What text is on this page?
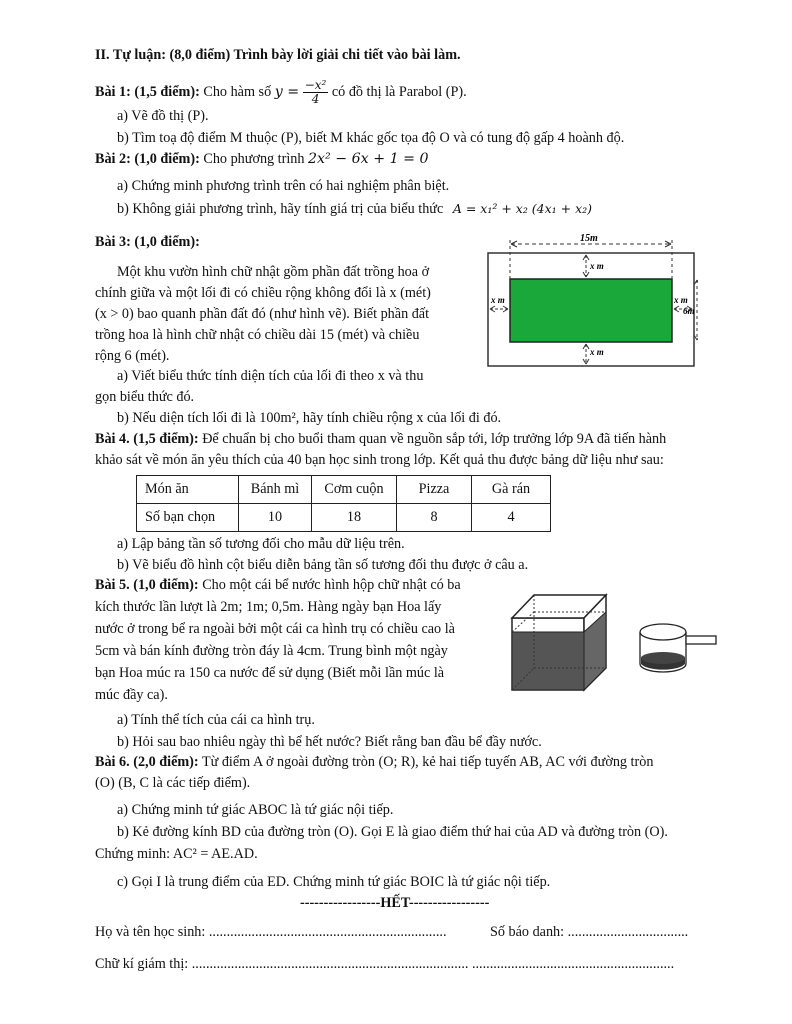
II. Tự luận: (8,0 điểm) Trình bày lời giải chi tiết vào bài làm.
Bài 1: (1,5 điểm): Cho hàm số $y = \frac{\text{−x²}}{4}$ có đồ thị là Parabol (P).
a) Vẽ đồ thị (P).
b) Tìm toạ độ điểm M thuộc (P), biết M khác gốc tọa độ O và có tung độ gấp 4 hoành độ.
Bài 2: (1,0 điểm): Cho phương trình 2x² − 6x + 1 = 0
a) Chứng minh phương trình trên có hai nghiệm phân biệt.
b) Không giải phương trình, hãy tính giá trị của biểu thức A = x₁² + x₂ (4x₁ + x₂)
Bài 3: (1,0 điểm):
Một khu vườn hình chữ nhật gồm phần đất trồng hoa ở
chính giữa và một lối đi có chiều rộng không đổi là x (mét)
(x > 0) bao quanh phần đất đó (như hình vẽ). Biết phần đất
trồng hoa là hình chữ nhật có chiều dài 15 (mét) và chiều
rộng 6 (mét).
a) Viết biểu thức tính diện tích của lối đi theo x và thu
gọn biểu thức đó.
b) Nếu diện tích lối đi là 100m², hãy tính chiều rộng x của lối đi đó.
15m
x m
x m
x m	x m
6m
Bài 4. (1,5 điểm): Để chuẩn bị cho buổi tham quan về nguồn sắp tới, lớp trưởng lớp 9A đã tiến hành
khảo sát về món ăn yêu thích của 40 bạn học sinh trong lớp. Kết quả thu được bảng dữ liệu như sau:
Món ăn	Bánh mì	Cơm cuộn	Pizza	Gà rán
Số bạn chọn	10	18	8	4
a) Lập bảng tần số tương đối cho mẫu dữ liệu trên.
b) Vẽ biểu đồ hình cột biểu diễn bảng tần số tương đối thu được ở câu a.
Bài 5. (1,0 điểm): Cho một cái bể nước hình hộp chữ nhật có ba
kích thước lần lượt là 2m; 1m; 0,5m. Hàng ngày bạn Hoa lấy
nước ở trong bể ra ngoài bởi một cái ca hình trụ có chiều cao là
5cm và bán kính đường tròn đáy là 4cm. Trung bình một ngày
bạn Hoa múc ra 150 ca nước để sử dụng (Biết mỗi lần múc là
múc đầy ca).
a) Tính thể tích của cái ca hình trụ.
b) Hỏi sau bao nhiêu ngày thì bể hết nước? Biết rằng ban đầu bể đầy nước.
Bài 6. (2,0 điểm): Từ điểm A ở ngoài đường tròn (O; R), kẻ hai tiếp tuyến AB, AC với đường tròn
(O) (B, C là các tiếp điểm).
a) Chứng minh tứ giác ABOC là tứ giác nội tiếp.
b) Kẻ đường kính BD của đường tròn (O). Gọi E là giao điểm thứ hai của AD và đường tròn (O).
Chứng minh: AC² = AE.AD.
c) Gọi I là trung điểm của ED. Chứng minh tứ giác BOIC là tứ giác nội tiếp.
-----------------HẾT-----------------
Họ và tên học sinh: ...................................................................	Số báo danh: ..................................
Chữ kí giám thị: .............................................................................. .........................................................
